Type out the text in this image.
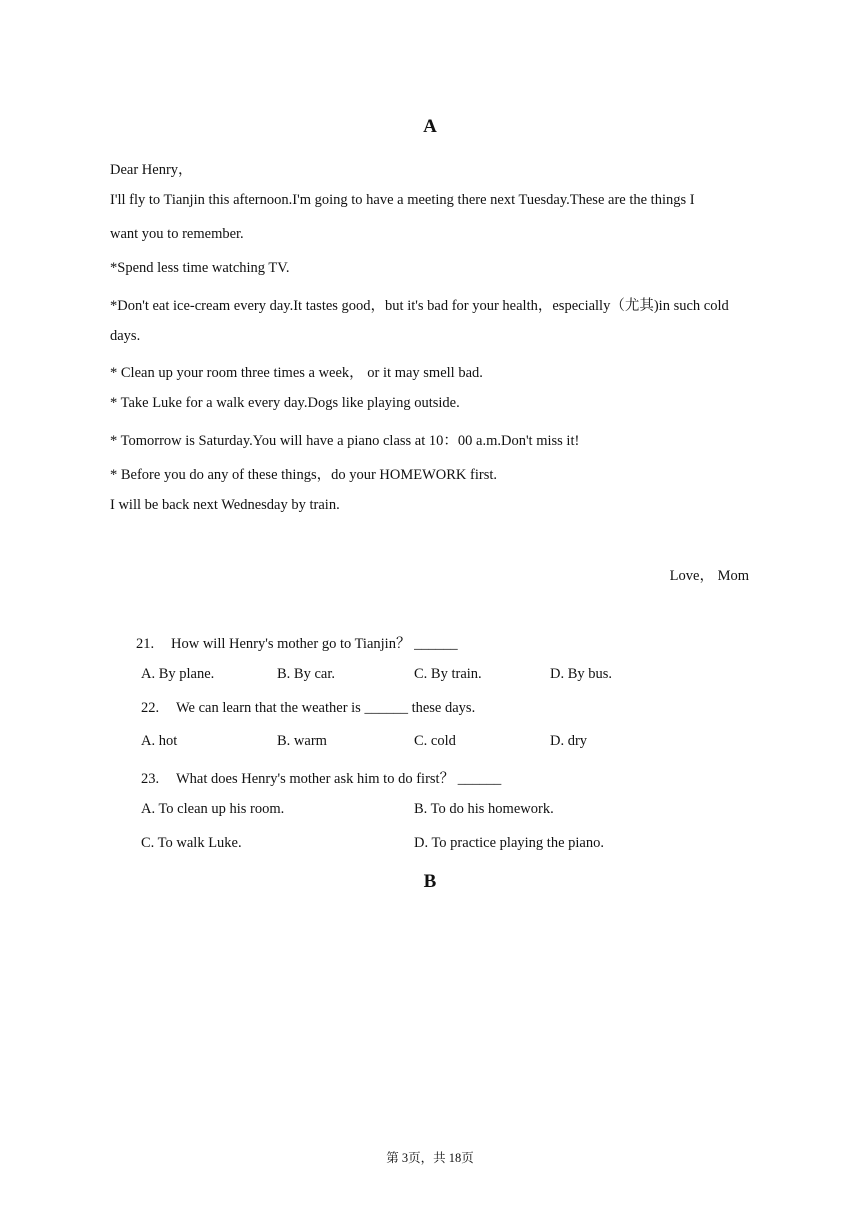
A
Dear Henry，
I'll fly to Tianjin this afternoon.I'm going to have a meeting there next Tuesday.These are the things I
want you to remember.
*Spend less time watching TV.
*Don't eat ice-cream every day.It tastes good，but it's bad for your health，especially（尤其)in such cold
days.
* Clean up your room three times a week， or it may smell bad.
* Take Luke for a walk every day.Dogs like playing outside.
* Tomorrow is Saturday.You will have a piano class at 10：00 a.m.Don't miss it!
* Before you do any of these things，do your HOMEWORK first.
I will be back next Wednesday by train.
Love， Mom
21. How will Henry's mother go to Tianjin？ ______
A. By plane.	B. By car.	C. By train.	D. By bus.
22. We can learn that the weather is ______ these days.
A. hot	B. warm	C. cold	D. dry
23. What does Henry's mother ask him to do first？ ______
A. To clean up his room.	B. To do his homework.
C. To walk Luke.	D. To practice playing the piano.
B
第 3页，共 18页
